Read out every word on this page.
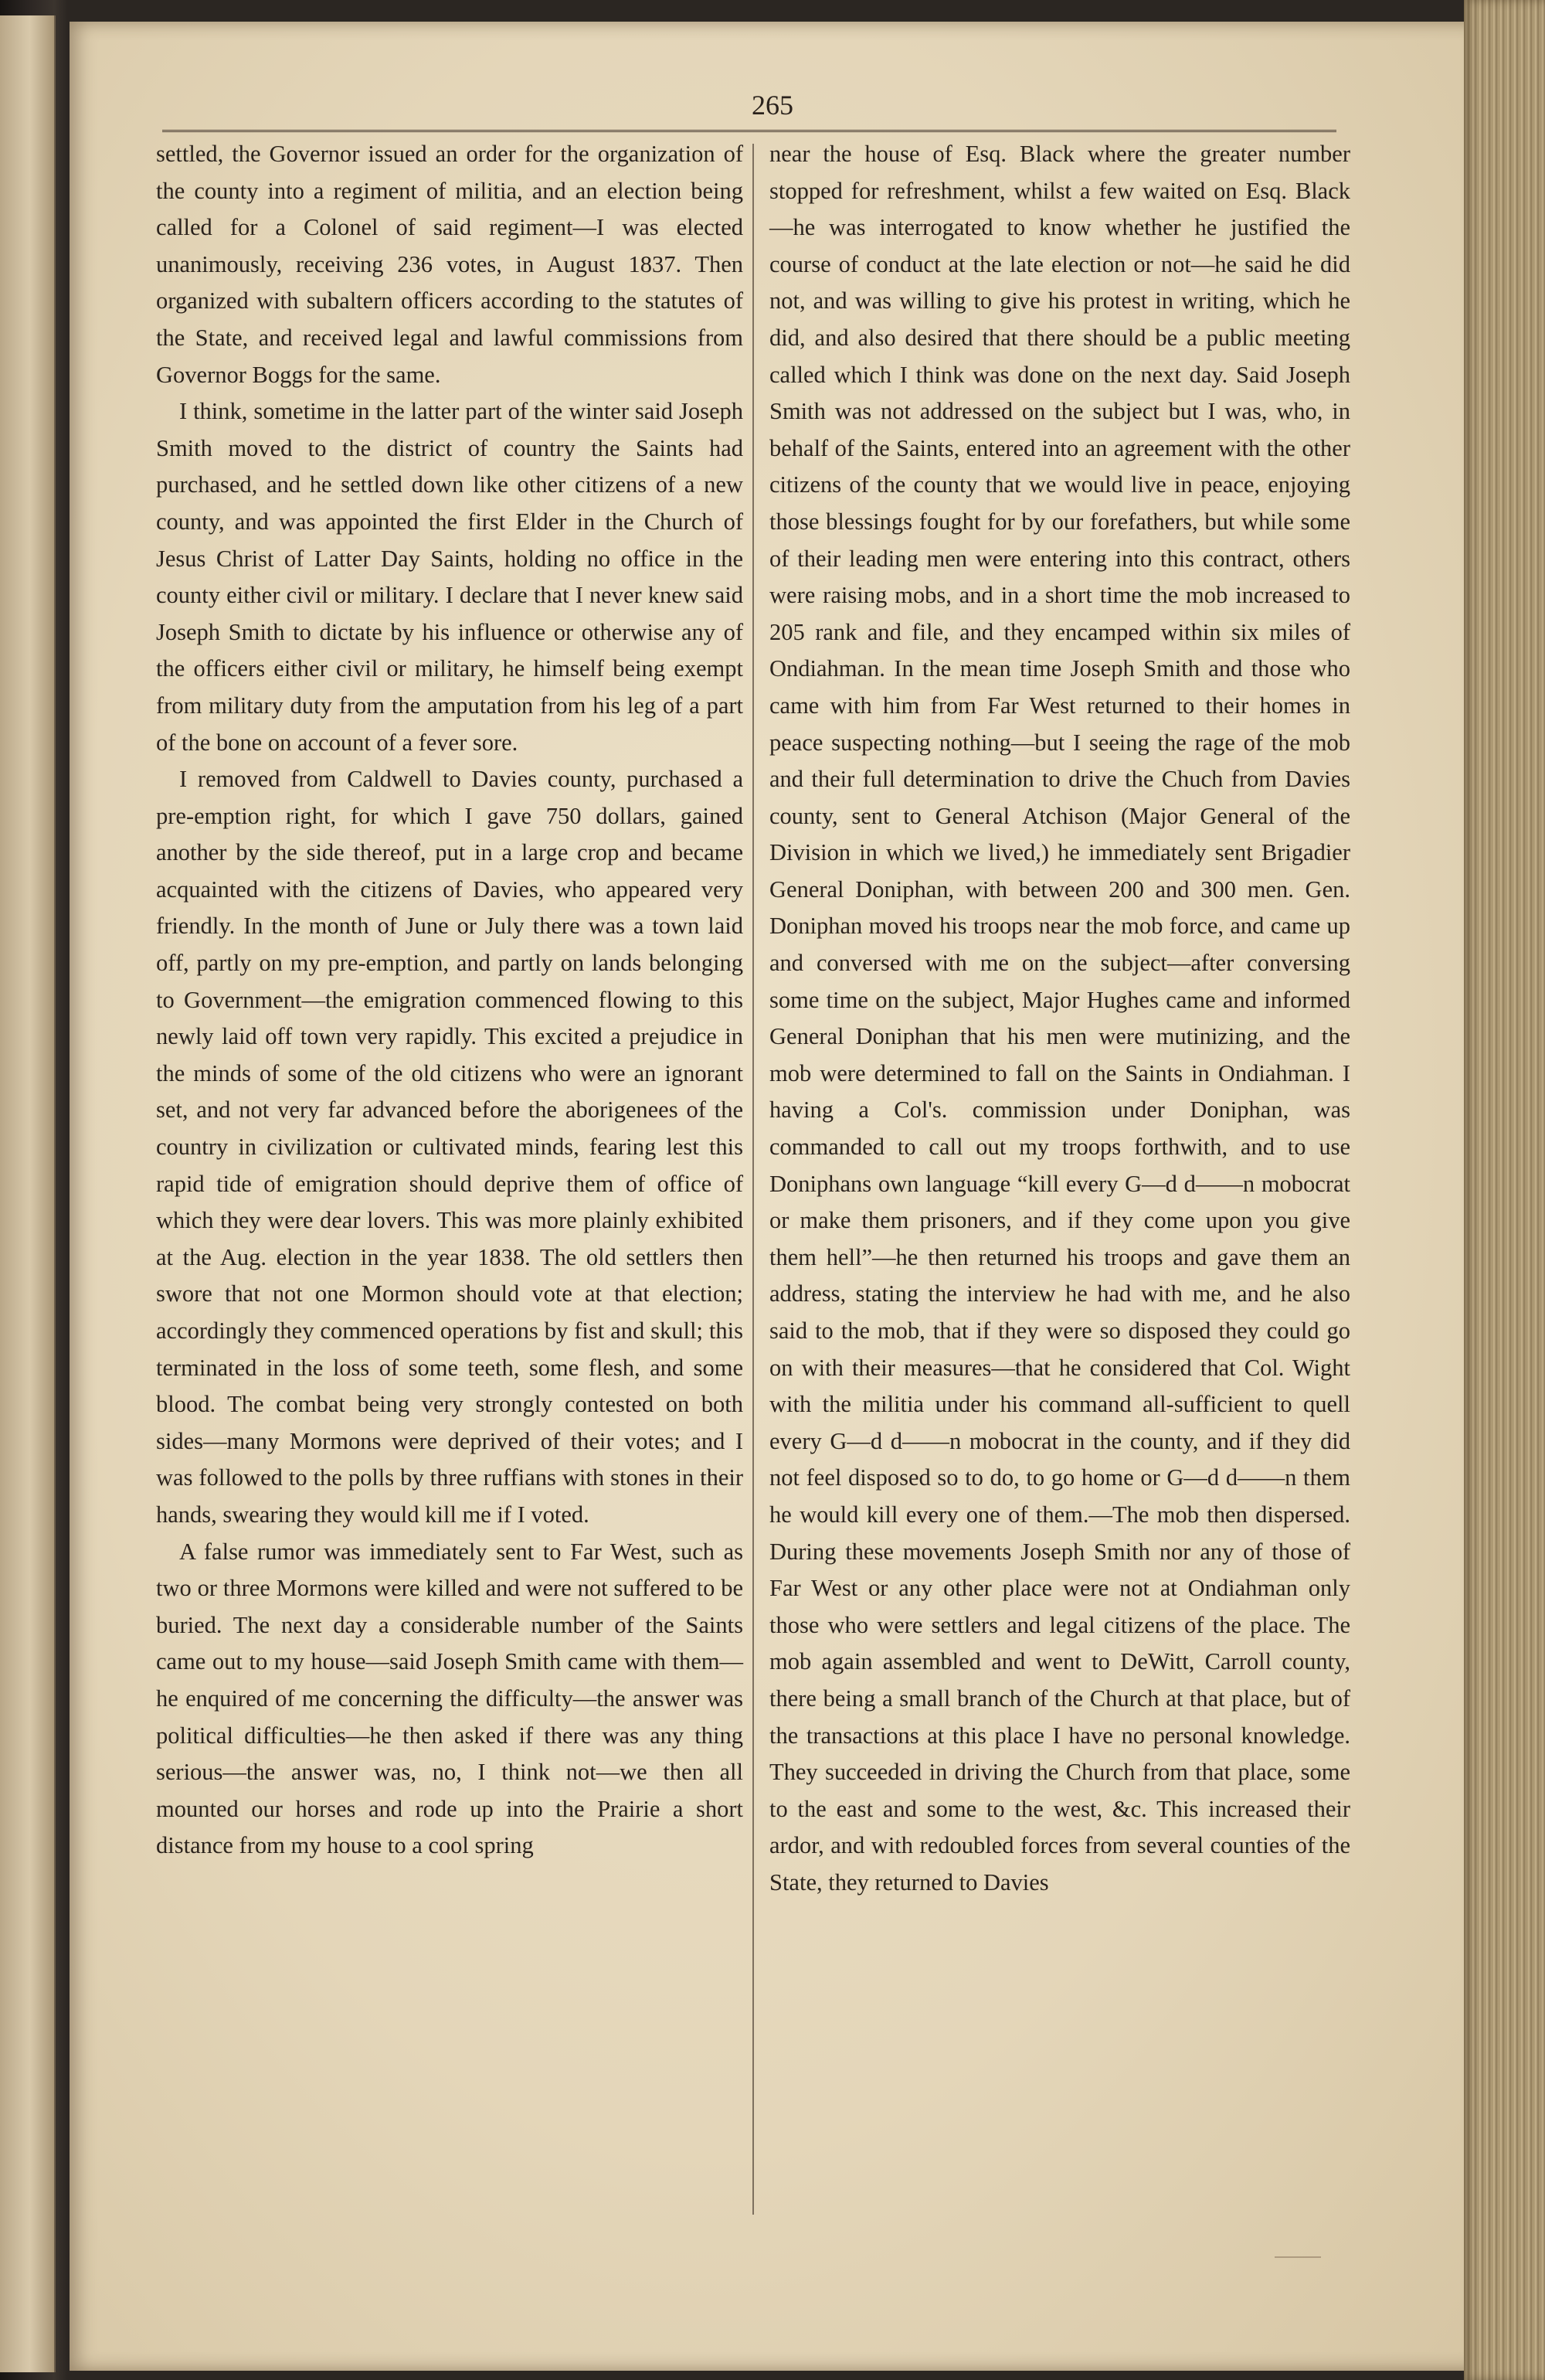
265

settled, the Governor issued an order for the organization of the county into a regiment of militia, and an election being called for a Colonel of said regiment—I was elected unanimously, receiving 236 votes, in August 1837. Then organized with subaltern officers according to the statutes of the State, and received legal and lawful commissions from Governor Boggs for the same.

I think, sometime in the latter part of the winter said Joseph Smith moved to the district of country the Saints had purchased, and he settled down like other citizens of a new county, and was appointed the first Elder in the Church of Jesus Christ of Latter Day Saints, holding no office in the county either civil or military. I declare that I never knew said Joseph Smith to dictate by his influence or otherwise any of the officers either civil or military, he himself being exempt from military duty from the amputation from his leg of a part of the bone on account of a fever sore.

I removed from Caldwell to Davies county, purchased a pre-emption right, for which I gave 750 dollars, gained another by the side thereof, put in a large crop and became acquainted with the citizens of Davies, who appeared very friendly. In the month of June or July there was a town laid off, partly on my pre-emption, and partly on lands belonging to Government—the emigration commenced flowing to this newly laid off town very rapidly. This excited a prejudice in the minds of some of the old citizens who were an ignorant set, and not very far advanced before the aborigenees of the country in civilization or cultivated minds, fearing lest this rapid tide of emigration should deprive them of office of which they were dear lovers. This was more plainly exhibited at the Aug. election in the year 1838. The old settlers then swore that not one Mormon should vote at that election; accordingly they commenced operations by fist and skull; this terminated in the loss of some teeth, some flesh, and some blood. The combat being very strongly contested on both sides—many Mormons were deprived of their votes; and I was followed to the polls by three ruffians with stones in their hands, swearing they would kill me if I voted.

A false rumor was immediately sent to Far West, such as two or three Mormons were killed and were not suffered to be buried. The next day a considerable number of the Saints came out to my house—said Joseph Smith came with them—he enquired of me concerning the difficulty—the answer was political difficulties—he then asked if there was any thing serious—the answer was, no, I think not—we then all mounted our horses and rode up into the Prairie a short distance from my house to a cool spring

near the house of Esq. Black where the greater number stopped for refreshment, whilst a few waited on Esq. Black—he was interrogated to know whether he justified the course of conduct at the late election or not—he said he did not, and was willing to give his protest in writing, which he did, and also desired that there should be a public meeting called which I think was done on the next day. Said Joseph Smith was not addressed on the subject but I was, who, in behalf of the Saints, entered into an agreement with the other citizens of the county that we would live in peace, enjoying those blessings fought for by our forefathers, but while some of their leading men were entering into this contract, others were raising mobs, and in a short time the mob increased to 205 rank and file, and they encamped within six miles of Ondiahman. In the mean time Joseph Smith and those who came with him from Far West returned to their homes in peace suspecting nothing—but I seeing the rage of the mob and their full determination to drive the Chuch from Davies county, sent to General Atchison (Major General of the Division in which we lived,) he immediately sent Brigadier General Doniphan, with between 200 and 300 men. Gen. Doniphan moved his troops near the mob force, and came up and conversed with me on the subject—after conversing some time on the subject, Major Hughes came and informed General Doniphan that his men were mutinizing, and the mob were determined to fall on the Saints in Ondiahman. I having a Col's. commission under Doniphan, was commanded to call out my troops forthwith, and to use Doniphans own language “kill every G—d d——n mobocrat or make them prisoners, and if they come upon you give them hell”—he then returned his troops and gave them an address, stating the interview he had with me, and he also said to the mob, that if they were so disposed they could go on with their measures—that he considered that Col. Wight with the militia under his command all-sufficient to quell every G—d d——n mobocrat in the county, and if they did not feel disposed so to do, to go home or G—d d——n them he would kill every one of them.—The mob then dispersed. During these movements Joseph Smith nor any of those of Far West or any other place were not at Ondiahman only those who were settlers and legal citizens of the place. The mob again assembled and went to DeWitt, Carroll county, there being a small branch of the Church at that place, but of the transactions at this place I have no personal knowledge. They succeeded in driving the Church from that place, some to the east and some to the west, &c. This increased their ardor, and with redoubled forces from several counties of the State, they returned to Davies
